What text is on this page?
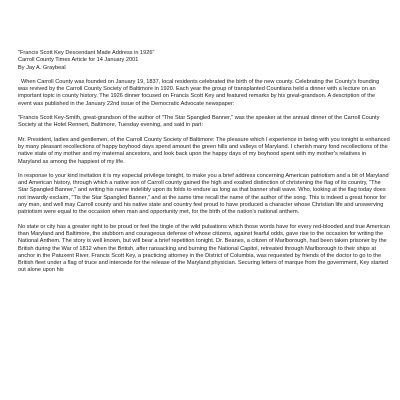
"Francis Scott Key Descendant Made Address in 1926"

Carroll County Times Article for 14 January 2001

By Jay A. Graybeal

When Carroll County was founded on January 19, 1837, local residents celebrated the birth of the new county. Celebrating the County's founding was revived by the Carroll County Society of Baltimore in 1920. Each year the group of transplanted Countians held a dinner with a lecture on an important topic in county history. The 1926 dinner focused on Francis Scott Key and featured remarks by his great-grandson. A description of the event was published in the January 22nd issue of the Democratic Advocate newspaper:

"Francis Scott Key-Smith, great-grandson of the author of "The Star Spangled Banner," was the speaker at the annual dinner of the Carroll County Society at the Hotel Rennert, Baltimore, Tuesday evening, and said in part:

Mr. President, ladies and gentlemen, of the Carroll County Society of Baltimore: The pleasure which I experience in being with you tonight is enhanced by many pleasant recollections of happy boyhood days spend amount the green hills and valleys of Maryland. I cherish many fond recollections of the native state of my mother and my maternal ancestors, and look back upon the happy days of my boyhood spent with my mother's relatives in Maryland as among the happiest of my life.

In response to your kind invitation it is my especial privilege tonight, to make you a brief address concerning American patriotism and a bit of Maryland and American history, through which a native son of Carroll county gained the high and exalted distinction of christening the flag of its country, "The Star Spangled Banner," and writing his name indelibly upon its folds to endure as long as that banner shall wave. Who, looking at the flag today does not inwardly exclaim, "Tis the Star Spangled Banner," and at the same time recall the name of the author of the song. This is indeed a great honor for any man, and well may Carroll county and his native state and country feel proud to have produced a character whose Christian life and unswerving patriotism were equal to the occasion when man and opportunity met, for the birth of the nation's national anthem.

No state or city has a greater right to be proud or feel the tingle of the wild pulsations which those words have for every red-blooded and true American than Maryland and Baltimore, the stubborn and courageous defense of whose citizens, against fearful odds, gave rise to the occasion for writing the National Anthem. The story is well known, but will bear a brief repetition tonight. Dr. Beanes, a citizen of Marlborough, had been taken prisoner by the British during the War of 1812 when the British, after ransacking and burning the National Capitol, retreated through Marlborough to their ships at anchor in the Patuxent River. Francis Scott Key, a practicing attorney in the District of Columbia, was requested by friends of the doctor to go to the British fleet under a flag of truce and intercede for the release of the Maryland physician. Securing letters of marque from the government, Key started out alone upon his
